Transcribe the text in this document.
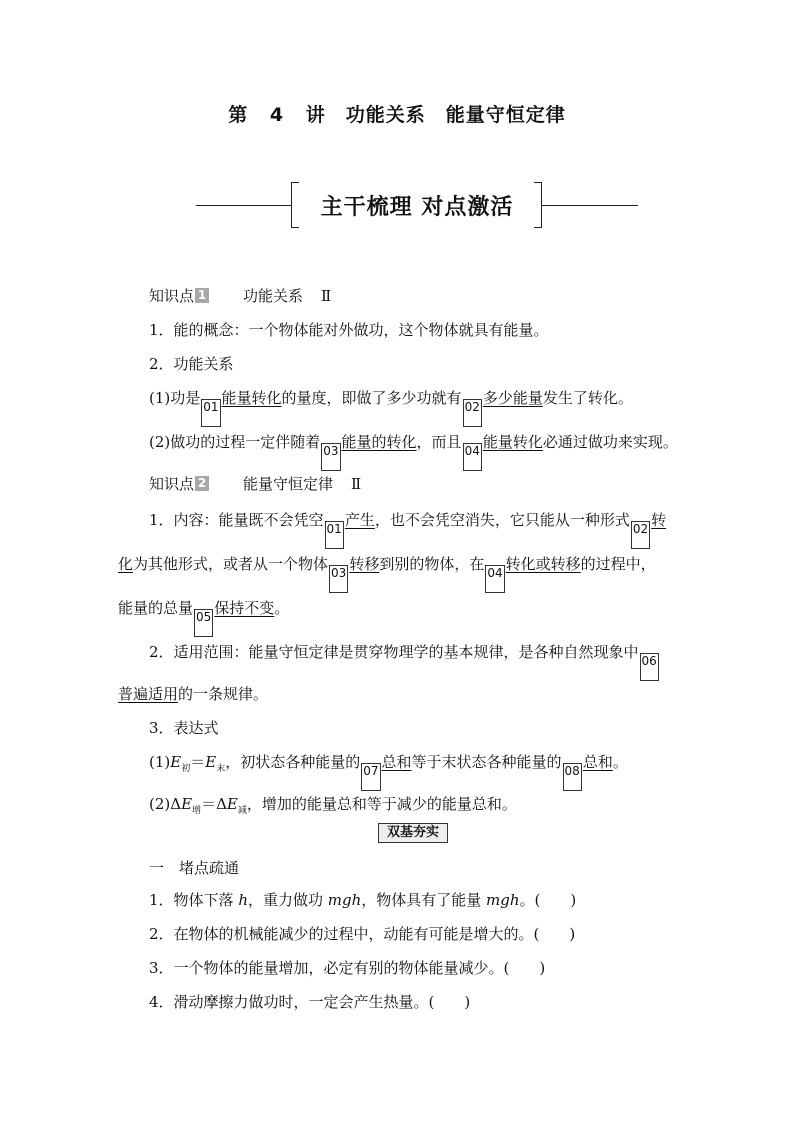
第 4 讲　功能关系　能量守恒定律
主干梳理 对点激活
知识点 1 功能关系 Ⅱ
1．能的概念：一个物体能对外做功，这个物体就具有能量。
2．功能关系
(1)功是 01 能量转化的量度，即做了多少功就有 02 多少能量发生了转化。
(2)做功的过程一定伴随着 03 能量的转化，而且 04 能量转化必通过做功来实现。
知识点 2 能量守恒定律 Ⅱ
1．内容：能量既不会凭空 01 产生，也不会凭空消失，它只能从一种形式 02 转
化为其他形式，或者从一个物体 03 转移到别的物体，在 04 转化或转移的过程中，
能量的总量 05 保持不变。
2．适用范围：能量守恒定律是贯穿物理学的基本规律，是各种自然现象中 06
普遍适用的一条规律。
3．表达式
$(1)E_初=E_末$，初状态各种能量的 07 总和等于末状态各种能量的 08 总和。
$(2)\Delta E_增=\Delta E_减$，增加的能量总和等于减少的能量总和。
双基夯实
一　堵点疏通
1．物体下落 h，重力做功 mgh，物体具有了能量 mgh。(　　)
2．在物体的机械能减少的过程中，动能有可能是增大的。(　　)
3．一个物体的能量增加，必定有别的物体能量减少。(　　)
4．滑动摩擦力做功时，一定会产生热量。(　　)
